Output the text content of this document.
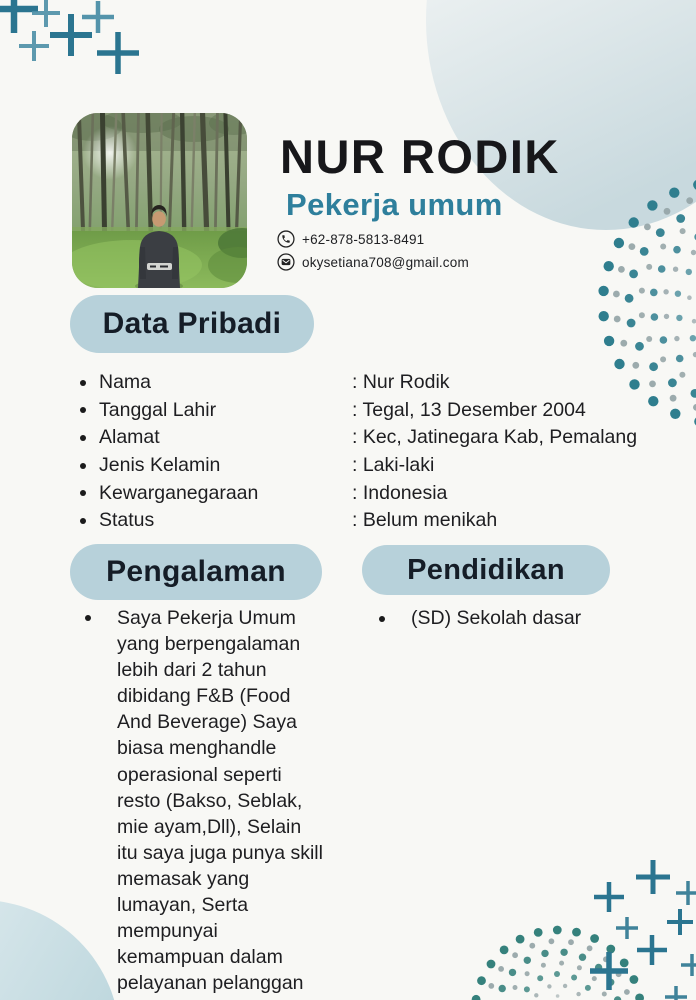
NUR RODIK
Pekerja umum
+62-878-5813-8491
okysetiana708@gmail.com
Data Pribadi
Nama
Tanggal Lahir
Alamat
Jenis Kelamin
Kewarganegaraan
Status
: Nur Rodik
: Tegal, 13 Desember 2004
: Kec, Jatinegara Kab, Pemalang
: Laki-laki
: Indonesia
: Belum menikah
Pengalaman

Saya Pekerja Umum yang berpengalaman lebih dari 2 tahun dibidang F&B (Food And Beverage) Saya biasa menghandle operasional seperti resto (Bakso, Seblak, mie ayam,Dll), Selain itu saya juga punya skill memasak yang lumayan, Serta mempunyai kemampuan dalam pelayanan pelanggan

Pendidikan

(SD) Sekolah dasar
